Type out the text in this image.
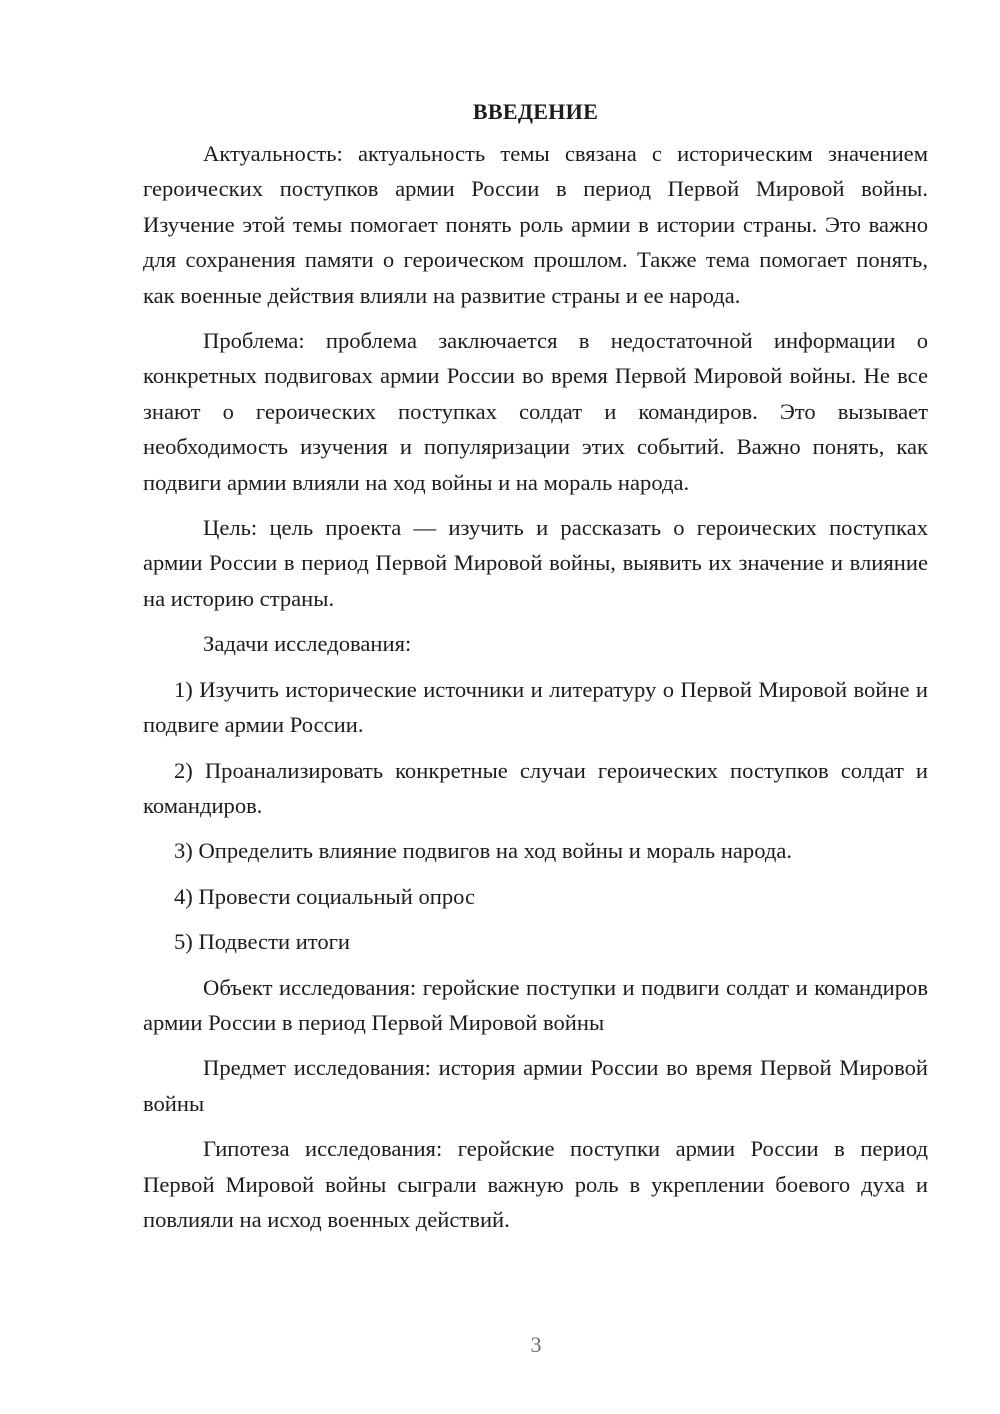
ВВЕДЕНИЕ

Актуальность: актуальность темы связана с историческим значением героических поступков армии России в период Первой Мировой войны. Изучение этой темы помогает понять роль армии в истории страны. Это важно для сохранения памяти о героическом прошлом. Также тема помогает понять, как военные действия влияли на развитие страны и ее народа.

Проблема: проблема заключается в недостаточной информации о конкретных подвиговах армии России во время Первой Мировой войны. Не все знают о героических поступках солдат и командиров. Это вызывает необходимость изучения и популяризации этих событий. Важно понять, как подвиги армии влияли на ход войны и на мораль народа.

Цель: цель проекта — изучить и рассказать о героических поступках армии России в период Первой Мировой войны, выявить их значение и влияние на историю страны.

Задачи исследования:

1) Изучить исторические источники и литературу о Первой Мировой войне и подвиге армии России.

2) Проанализировать конкретные случаи героических поступков солдат и командиров.

3) Определить влияние подвигов на ход войны и мораль народа.

4) Провести социальный опрос

5) Подвести итоги

Объект исследования: геройские поступки и подвиги солдат и командиров армии России в период Первой Мировой войны

Предмет исследования: история армии России во время Первой Мировой войны

Гипотеза исследования: геройские поступки армии России в период Первой Мировой войны сыграли важную роль в укреплении боевого духа и повлияли на исход военных действий.

3
